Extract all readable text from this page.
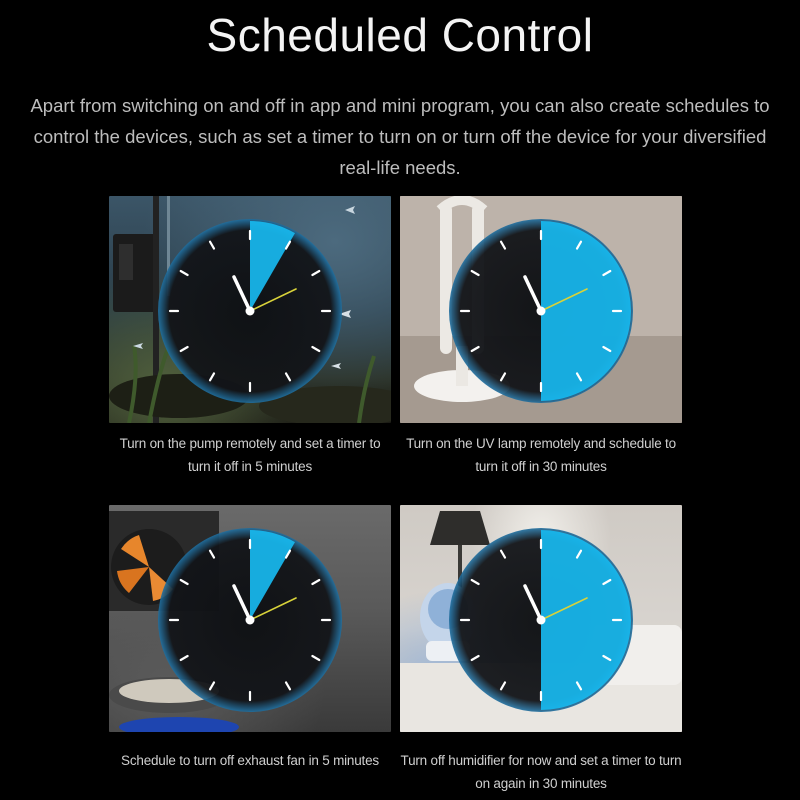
Scheduled Control
Apart from switching on and off in app and mini program, you can also create schedules to control the devices, such as set a timer to turn on or turn off the device for your diversified real-life needs.
Turn on the pump remotely and set a timer to turn it off in 5 minutes
Turn on the UV lamp remotely and schedule to turn it off in 30 minutes
Schedule to turn off exhaust fan in 5 minutes	Turn off humidifier for now and set a timer to turn on again in 30 minutes
